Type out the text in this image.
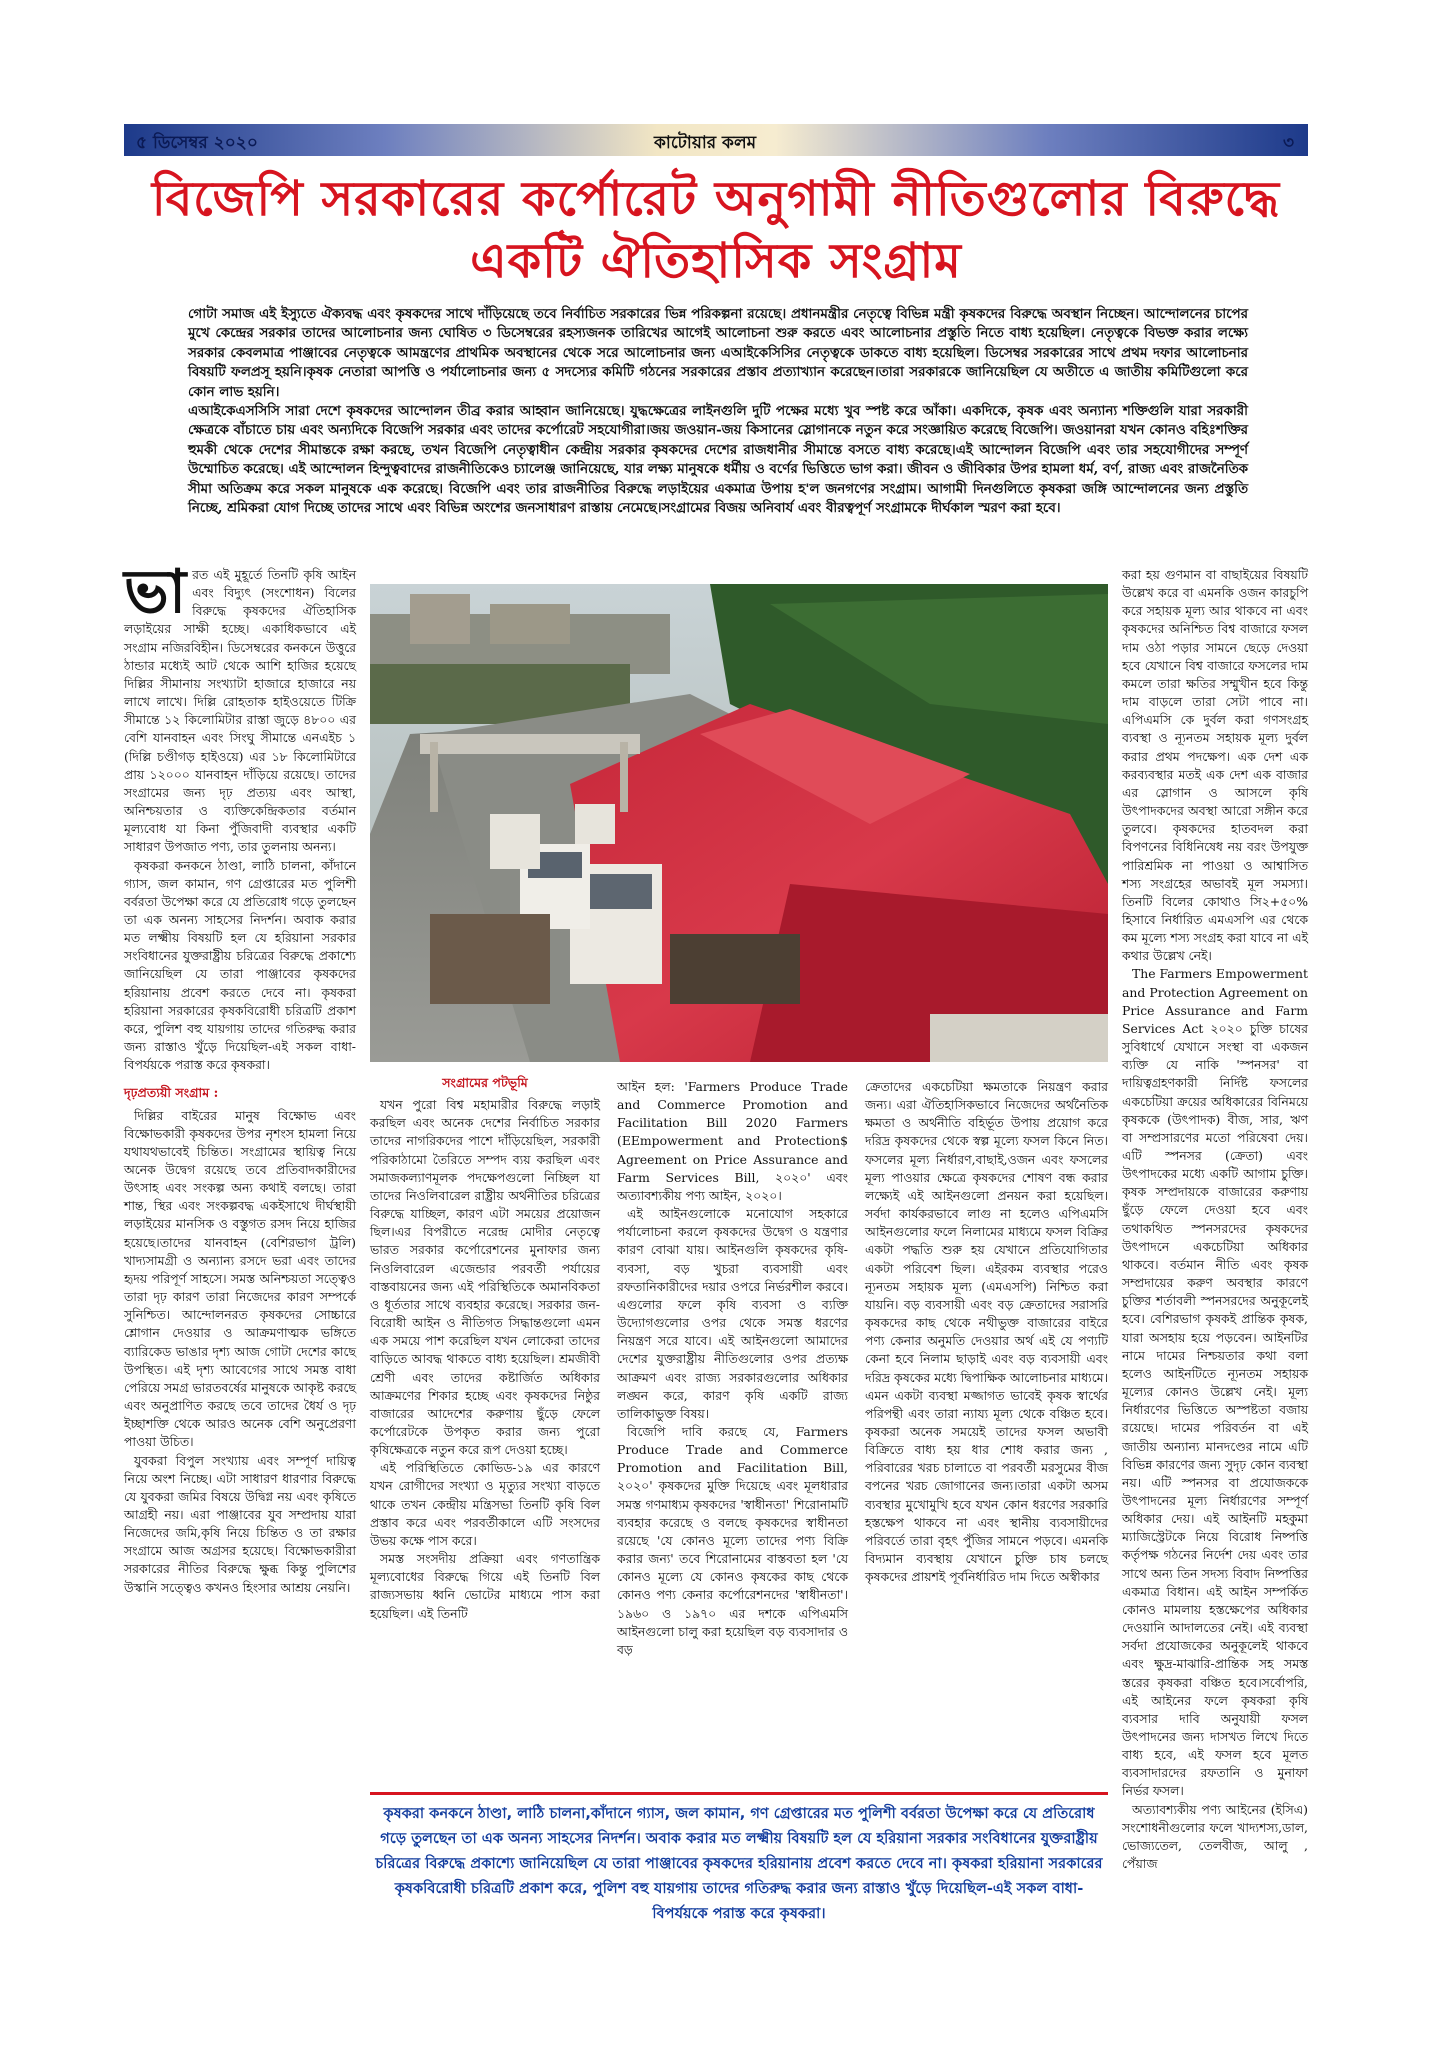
৫ ডিসেম্বর ২০২০	কাটোয়ার কলম	৩
বিজেপি সরকারের কর্পোরেট অনুগামী নীতিগুলোর বিরুদ্ধে
একটি ঐতিহাসিক সংগ্রাম

গোটা সমাজ এই ইস্যুতে ঐক্যবদ্ধ এবং কৃষকদের সাথে দাঁড়িয়েছে তবে নির্বাচিত সরকারের ভিন্ন পরিকল্পনা রয়েছে। প্রধানমন্ত্রীর নেতৃত্বে বিভিন্ন মন্ত্রী কৃষকদের বিরুদ্ধে অবস্থান নিচ্ছেন। আন্দোলনের চাপের মুখে কেন্দ্রের সরকার তাদের আলোচনার জন্য ঘোষিত ৩ ডিসেম্বরের রহস্যজনক তারিখের আগেই আলোচনা শুরু করতে এবং আলোচনার প্রস্তুতি নিতে বাধ্য হয়েছিল। নেতৃত্বকে বিভক্ত করার লক্ষ্যে সরকার কেবলমাত্র পাঞ্জাবের নেতৃত্বকে আমন্ত্রণের প্রাথমিক অবস্থানের থেকে সরে আলোচনার জন্য এআইকেসিসির নেতৃত্বকে ডাকতে বাধ্য হয়েছিল। ডিসেম্বর সরকারের সাথে প্রথম দফার আলোচনার বিষয়টি ফলপ্রসূ হয়নি।কৃষক নেতারা আপত্তি ও পর্যালোচনার জন্য ৫ সদস্যের কমিটি গঠনের সরকারের প্রস্তাব প্রত্যাখ্যান করেছেন।তারা সরকারকে জানিয়েছিল যে অতীতে এ জাতীয় কমিটিগুলো করে কোন লাভ হয়নি।

এআইকেএসসিসি সারা দেশে কৃষকদের আন্দোলন তীব্র করার আহ্বান জানিয়েছে। যুদ্ধক্ষেত্রের লাইনগুলি দুটি পক্ষের মধ্যে খুব স্পষ্ট করে আঁকা। একদিকে, কৃষক এবং অন্যান্য শক্তিগুলি যারা সরকারী ক্ষেত্রকে বাঁচাতে চায় এবং অন্যদিকে বিজেপি সরকার এবং তাদের কর্পোরেট সহযোগীরা।জয় জওয়ান-জয় কিসানের স্লোগানকে নতুন করে সংজ্ঞায়িত করেছে বিজেপি। জওয়ানরা যখন কোনও বহিঃশক্তির হুমকী থেকে দেশের সীমান্তকে রক্ষা করছে, তখন বিজেপি নেতৃত্বাধীন কেন্দ্রীয় সরকার কৃষকদের দেশের রাজধানীর সীমান্তে বসতে বাধ্য করেছে।এই আন্দোলন বিজেপি এবং তার সহযোগীদের সম্পূর্ণ উম্মোচিত করেছে। এই আন্দোলন হিন্দুত্ববাদের রাজনীতিকেও চ্যালেঞ্জ জানিয়েছে, যার লক্ষ্য মানুষকে ধর্মীয় ও বর্ণের ভিত্তিতে ভাগ করা। জীবন ও জীবিকার উপর হামলা ধর্ম, বর্ণ, রাজ্য এবং রাজনৈতিক সীমা অতিক্রম করে সকল মানুষকে এক করেছে। বিজেপি এবং তার রাজনীতির বিরুদ্ধে লড়াইয়ের একমাত্র উপায় হ'ল জনগণের সংগ্রাম। আগামী দিনগুলিতে কৃষকরা জঙ্গি আন্দোলনের জন্য প্রস্তুতি নিচ্ছে, শ্রমিকরা যোগ দিচ্ছে তাদের সাথে এবং বিভিন্ন অংশের জনসাধারণ রাস্তায় নেমেছে।সংগ্রামের বিজয় অনিবার্য এবং বীরত্বপূর্ণ সংগ্রামকে দীর্ঘকাল স্মরণ করা হবে।

ভারত এই মুহূর্তে তিনটি কৃষি আইন এবং বিদ্যুৎ (সংশোধন) বিলের বিরুদ্ধে কৃষকদের ঐতিহাসিক লড়াইয়ের সাক্ষী হচ্ছে। একাধিকভাবে এই সংগ্রাম নজিরবিহীন। ডিসেম্বরের কনকনে উত্তুরে ঠান্ডার মধ্যেই আট থেকে আশি হাজির হয়েছে দিল্লির সীমানায় সংখ্যাটা হাজারে হাজারে নয় লাখে লাখে। দিল্লি রোহতাক হাইওয়েতে টিক্রি সীমান্তে ১২ কিলোমিটার রাস্তা জুড়ে ৪৮০০ এর বেশি যানবাহন এবং সিংঘু সীমান্তে এনএইচ ১ (দিল্লি চণ্ডীগড় হাইওয়ে) এর ১৮ কিলোমিটারে প্রায় ১২০০০ যানবাহন দাঁড়িয়ে রয়েছে। তাদের সংগ্রামের জন্য দৃঢ় প্রত্যয় এবং আস্থা, অনিশ্চয়তার ও ব্যক্তিকেন্দ্রিকতার বর্তমান মূল্যবোধ যা কিনা পুঁজিবাদী ব্যবস্থার একটি সাধারণ উপজাত পণ্য, তার তুলনায় অনন্য।

কৃষকরা কনকনে ঠাণ্ডা, লাঠি চালনা, কাঁদানে গ্যাস, জল কামান, গণ গ্রেপ্তারের মত পুলিশী বর্বরতা উপেক্ষা করে যে প্রতিরোধ গড়ে তুলছেন তা এক অনন্য সাহসের নিদর্শন। অবাক করার মত লক্ষ্মীয় বিষয়টি হল যে হরিয়ানা সরকার সংবিধানের যুক্তরাষ্ট্রীয় চরিত্রের বিরুদ্ধে প্রকাশ্যে জানিয়েছিল যে তারা পাঞ্জাবের কৃষকদের হরিয়ানায় প্রবেশ করতে দেবে না। কৃষকরা হরিয়ানা সরকারের কৃষকবিরোধী চরিত্রটি প্রকাশ করে, পুলিশ বহু যায়গায় তাদের গতিরুদ্ধ করার জন্য রাস্তাও খুঁড়ে দিয়েছিল-এই সকল বাধা-বিপর্যয়কে পরাস্ত করে কৃষকরা।

দৃঢ়প্রত্যয়ী সংগ্রাম :

দিল্লির বাইরের মানুষ বিক্ষোভ এবং বিক্ষোভকারী কৃষকদের উপর নৃশংস হামলা নিয়ে যথাযথভাবেই চিন্তিত। সংগ্রামের স্থায়িত্ব নিয়ে অনেক উদ্বেগ রয়েছে তবে প্রতিবাদকারীদের উৎসাহ এবং সংকল্প অন্য কথাই বলছে। তারা শান্ত, স্থির এবং সংকল্পবদ্ধ একইসাথে দীর্ঘস্থায়ী লড়াইয়ের মানসিক ও বস্তুগত রসদ নিয়ে হাজির হয়েছে।তাদের যানবাহন (বেশিরভাগ ট্রলি) খাদ্যসামগ্রী ও অন্যান্য রসদে ভরা এবং তাদের হৃদয় পরিপূর্ণ সাহসে। সমস্ত অনিশ্চয়তা সত্ত্বেও তারা দৃঢ় কারণ তারা নিজেদের কারণ সম্পর্কে সুনিশ্চিত। আন্দোলনরত কৃষকদের সোচ্চারে শ্লোগান দেওয়ার ও আক্রমণাত্মক ভঙ্গিতে ব্যারিকেড ভাঙার দৃশ্য আজ গোটা দেশের কাছে উপস্থিত। এই দৃশ্য আবেগের সাথে সমস্ত বাধা পেরিয়ে সমগ্র ভারতবর্ষের মানুষকে আকৃষ্ট করছে এবং অনুপ্রাণিত করছে তবে তাদের ধৈর্য ও দৃঢ় ইচ্ছাশক্তি থেকে আরও অনেক বেশি অনুপ্রেরণা পাওয়া উচিত।

যুবকরা বিপুল সংখ্যায় এবং সম্পূর্ণ দায়িত্ব নিয়ে অংশ নিচ্ছে। এটা সাধারণ ধারণার বিরুদ্ধে যে যুবকরা জমির বিষয়ে উদ্বিগ্ন নয় এবং কৃষিতে আগ্রহী নয়। এরা পাঞ্জাবের যুব সম্প্রদায় যারা নিজেদের জমি,কৃষি নিয়ে চিন্তিত ও তা রক্ষার সংগ্রামে আজ অগ্রসর হয়েছে। বিক্ষোভকারীরা সরকারের নীতির বিরুদ্ধে ক্ষুব্ধ কিন্তু পুলিশের উস্কানি সত্ত্বেও কখনও হিংসার আশ্রয় নেয়নি।

সংগ্রামের পটভূমি

যখন পুরো বিশ্ব মহামারীর বিরুদ্ধে লড়াই করছিল এবং অনেক দেশের নির্বাচিত সরকার তাদের নাগরিকদের পাশে দাঁড়িয়েছিল, সরকারী পরিকাঠামো তৈরিতে সম্পদ ব্যয় করছিল এবং সমাজকল্যাণমূলক পদক্ষেপগুলো নিচ্ছিল যা তাদের নিওলিবারেল রাষ্ট্রীয় অর্থনীতির চরিত্রের বিরুদ্ধে যাচ্ছিল, কারণ এটা সময়ের প্রয়োজন ছিল।এর বিপরীতে নরেন্দ্র মোদীর নেতৃত্বে ভারত সরকার কর্পোরেশনের মুনাফার জন্য নিওলিবারেল এজেন্ডার পরবর্তী পর্যায়ের বাস্তবায়নের জন্য এই পরিস্থিতিকে অমানবিকতা ও ধূর্ততার সাথে ব্যবহার করেছে। সরকার জন-বিরোধী আইন ও নীতিগত সিদ্ধান্তগুলো এমন এক সময়ে পাশ করেছিল যখন লোকেরা তাদের বাড়িতে আবদ্ধ থাকতে বাধ্য হয়েছিল। শ্রমজীবী শ্রেণী এবং তাদের কষ্টার্জিত অধিকার আক্রমণের শিকার হচ্ছে এবং কৃষকদের নিষ্ঠুর বাজারের আদেশের করুণায় ছুঁড়ে ফেলে কর্পোরেটকে উপকৃত করার জন্য পুরো কৃষিক্ষেত্রকে নতুন করে রূপ দেওয়া হচ্ছে।

এই পরিস্থিতিতে কোভিড-১৯ এর কারণে যখন রোগীদের সংখ্যা ও মৃত্যুর সংখ্যা বাড়তে থাকে তখন কেন্দ্রীয় মন্ত্রিসভা তিনটি কৃষি বিল প্রস্তাব করে এবং পরবর্তীকালে এটি সংসদের উভয় কক্ষে পাস করে।

সমস্ত সংসদীয় প্রক্রিয়া এবং গণতান্ত্রিক মূল্যবোধের বিরুদ্ধে গিয়ে এই তিনটি বিল রাজ্যসভায় ধ্বনি ভোটের মাধ্যমে পাস করা হয়েছিল। এই তিনটি

আইন হল: 'Farmers Produce Trade and Commerce Promotion and Facilitation Bill 2020 Farmers (EEmpowerment and Protection$ Agreement on Price Assurance and Farm Services Bill, ২০২০' এবং অত্যাবশ্যকীয় পণ্য আইন, ২০২০।

এই আইনগুলোকে মনোযোগ সহকারে পর্যালোচনা করলে কৃষকদের উদ্বেগ ও যন্ত্রণার কারণ বোঝা যায়। আইনগুলি কৃষকদের কৃষি-ব্যবসা, বড় খুচরা ব্যবসায়ী এবং রফতানিকারীদের দয়ার ওপরে নির্ভরশীল করবে। এগুলোর ফলে কৃষি ব্যবসা ও ব্যক্তি উদ্যোগগুলোর ওপর থেকে সমস্ত ধরণের নিয়ন্ত্রণ সরে যাবে। এই আইনগুলো আমাদের দেশের যুক্তরাষ্ট্রীয় নীতিগুলোর ওপর প্রত্যক্ষ আক্রমণ এবং রাজ্য সরকারগুলোর অধিকার লঙ্ঘন করে, কারণ কৃষি একটি রাজ্য তালিকাভুক্ত বিষয়।

বিজেপি দাবি করছে যে, Farmers Produce Trade and Commerce Promotion and Facilitation Bill, ২০২০' কৃষকদের মুক্তি দিয়েছে এবং মূলধারার সমস্ত গণমাধ্যম কৃষকদের 'স্বাধীনতা' শিরোনামটি ব্যবহার করেছে ও বলছে কৃষকদের স্বাধীনতা রয়েছে 'যে কোনও মূল্যে তাদের পণ্য বিক্রি করার জন্য' তবে শিরোনামের বাস্তবতা হল 'যে কোনও মূল্যে যে কোনও কৃষকের কাছ থেকে কোনও পণ্য কেনার কর্পোরেশনদের 'স্বাধীনতা'। ১৯৬০ ও ১৯৭০ এর দশকে এপিএমসি আইনগুলো চালু করা হয়েছিল বড় ব্যবসাদার ও বড়

ক্রেতাদের একচেটিয়া ক্ষমতাকে নিয়ন্ত্রণ করার জন্য। এরা ঐতিহাসিকভাবে নিজেদের অর্থনৈতিক ক্ষমতা ও অর্থনীতি বহির্ভূত উপায় প্রয়োগ করে দরিদ্র কৃষকদের থেকে স্বল্প মূল্যে ফসল কিনে নিত। ফসলের মূল্য নির্ধারণ,বাছাই,ওজন এবং ফসলের মূল্য পাওয়ার ক্ষেত্রে কৃষকদের শোষণ বন্ধ করার লক্ষ্যেই এই আইনগুলো প্রনয়ন করা হয়েছিল।সর্বদা কার্যকরভাবে লাগু না হলেও এপিএমসি আইনগুলোর ফলে নিলামের মাধ্যমে ফসল বিক্রির একটা পদ্ধতি শুরু হয় যেখানে প্রতিযোগিতার একটা পরিবেশ ছিল। এইরকম ব্যবস্থার পরেও ন্যূনতম সহায়ক মূল্য (এমএসপি) নিশ্চিত করা যায়নি। বড় ব্যবসায়ী এবং বড় ক্রেতাদের সরাসরি কৃষকদের কাছ থেকে নথীভুক্ত বাজারের বাইরে পণ্য কেনার অনুমতি দেওয়ার অর্থ এই যে পণ্যটি কেনা হবে নিলাম ছাড়াই এবং বড় ব্যবসায়ী এবং দরিদ্র কৃষকের মধ্যে দ্বিপাক্ষিক আলোচনার মাধ্যমে। এমন একটা ব্যবস্থা মজ্জাগত ভাবেই কৃষক স্বার্থের পরিপন্থী এবং তারা ন্যায্য মূল্য থেকে বঞ্চিত হবে। কৃষকরা অনেক সময়েই তাদের ফসল অভাবী বিক্রিতে বাধ্য হয় ধার শোধ করার জন্য , পরিবারের খরচ চালাতে বা পরবর্তী মরসুমের বীজ বপনের খরচ জোগানের জন্য।তারা একটা অসম ব্যবস্থার মুখোমুখি হবে যখন কোন ধরণের সরকারি হস্তক্ষেপ থাকবে না এবং স্থানীয় ব্যবসায়ীদের পরিবর্তে তারা বৃহৎ পুঁজির সামনে পড়বে। এমনকি বিদ্যমান ব্যবস্থায় যেখানে চুক্তি চাষ চলছে কৃষকদের প্রায়শই পূর্বনির্ধারিত দাম দিতে অস্বীকার

করা হয় গুণমান বা বাছাইয়ের বিষয়টি উল্লেখ করে বা এমনকি ওজন কারচুপি করে সহায়ক মূল্য আর থাকবে না এবং কৃষকদের অনিশ্চিত বিশ্ব বাজারে ফসল দাম ওঠা পড়ার সামনে ছেড়ে দেওয়া হবে যেখানে বিশ্ব বাজারে ফসলের দাম কমলে তারা ক্ষতির সম্মুখীন হবে কিন্তু দাম বাড়লে তারা সেটা পাবে না। এপিএমসি কে দুর্বল করা গণসংগ্রহ ব্যবস্থা ও ন্যূনতম সহায়ক মূল্য দুর্বল করার প্রথম পদক্ষেপ। এক দেশ এক করব্যবস্থার মতই এক দেশ এক বাজার এর স্লোগান ও আসলে কৃষি উৎপাদকদের অবস্থা আরো সঙ্গীন করে তুলবে। কৃষকদের হাতবদল করা বিপণনের বিধিনিষেধ নয় বরং উপযুক্ত পারিশ্রমিক না পাওয়া ও আশ্বাসিত শস্য সংগ্রহের অভাবই মূল সমস্যা। তিনটি বিলের কোথাও সি২+৫০% হিসাবে নির্ধারিত এমএসপি এর থেকে কম মূল্যে শস্য সংগ্রহ করা যাবে না এই কথার উল্লেখ নেই।

The Farmers Empowerment and Protection Agreement on Price Assurance and Farm Services Act ২০২০ চুক্তি চাষের সুবিধার্থে যেখানে সংস্থা বা একজন ব্যক্তি যে নাকি 'স্পনসর' বা দায়িত্বগ্রহণকারী নির্দিষ্ট ফসলের একচেটিয়া ক্রয়ের অধিকারের বিনিময়ে কৃষককে (উৎপাদক) বীজ, সার, ঋণ বা সম্প্রসারণের মতো পরিষেবা দেয়। এটি স্পনসর (ক্রেতা) এবং উৎপাদকের মধ্যে একটি আগাম চুক্তি। কৃষক সম্প্রদায়কে বাজারের করুণায় ছুঁড়ে ফেলে দেওয়া হবে এবং তথাকথিত স্পনসরদের কৃষকদের উৎপাদনে একচেটিয়া অধিকার থাকবে। বর্তমান নীতি এবং কৃষক সম্প্রদায়ের করুণ অবস্থার কারণে চুক্তির শর্তাবলী স্পনসরদের অনুকূলেই হবে। বেশিরভাগ কৃষকই প্রান্তিক কৃষক, যারা অসহায় হয়ে পড়বেন। আইনটির নামে দামের নিশ্চয়তার কথা বলা হলেও আইনটিতে ন্যূনতম সহায়ক মূল্যের কোনও উল্লেখ নেই। মূল্য নির্ধারণের ভিত্তিতে অস্পষ্টতা বজায় রয়েছে। দামের পরিবর্তন বা এই জাতীয় অন্যান্য মানদণ্ডের নামে এটি বিভিন্ন কারণের জন্য সুদৃঢ় কোন ব্যবস্থা নয়। এটি স্পনসর বা প্রযোজককে উৎপাদনের মূল্য নির্ধারণের সম্পূর্ণ অধিকার দেয়। এই আইনটি মহকুমা ম্যাজিস্ট্রেটকে নিয়ে বিরোধ নিষ্পত্তি কর্তৃপক্ষ গঠনের নির্দেশ দেয় এবং তার সাথে অন্য তিন সদস্য বিবাদ নিষ্পত্তির একমাত্র বিধান। এই আইন সম্পর্কিত কোনও মামলায় হস্তক্ষেপের অধিকার দেওয়ানি আদালতের নেই। এই ব্যবস্থা সর্বদা প্রযোজকের অনুকূলেই থাকবে এবং ক্ষুদ্র-মাঝারি-প্রান্তিক সহ সমস্ত স্তরের কৃষকরা বঞ্চিত হবে।সর্বোপরি, এই আইনের ফলে কৃষকরা কৃষি ব্যবসার দাবি অনুযায়ী ফসল উৎপাদনের জন্য দাসখত লিখে দিতে বাধ্য হবে, এই ফসল হবে মূলত ব্যবসাদারদের রফতানি ও মুনাফা নির্ভর ফসল।

অত্যাবশ্যকীয় পণ্য আইনের (ইসিএ) সংশোধনীগুলোর ফলে খাদ্যশস্য,ডাল, ভোজ্যতেল, তেলবীজ, আলু , পেঁয়াজ

কৃষকরা কনকনে ঠাণ্ডা, লাঠি চালনা,কাঁদানে গ্যাস, জল কামান, গণ গ্রেপ্তারের মত পুলিশী বর্বরতা উপেক্ষা করে যে প্রতিরোধ গড়ে তুলছেন তা এক অনন্য সাহসের নিদর্শন। অবাক করার মত লক্ষ্মীয় বিষয়টি হল যে হরিয়ানা সরকার সংবিধানের যুক্তরাষ্ট্রীয় চরিত্রের বিরুদ্ধে প্রকাশ্যে জানিয়েছিল যে তারা পাঞ্জাবের কৃষকদের হরিয়ানায় প্রবেশ করতে দেবে না। কৃষকরা হরিয়ানা সরকারের কৃষকবিরোধী চরিত্রটি প্রকাশ করে, পুলিশ বহু যায়গায় তাদের গতিরুদ্ধ করার জন্য রাস্তাও খুঁড়ে দিয়েছিল-এই সকল বাধা- বিপর্যয়কে পরাস্ত করে কৃষকরা।
